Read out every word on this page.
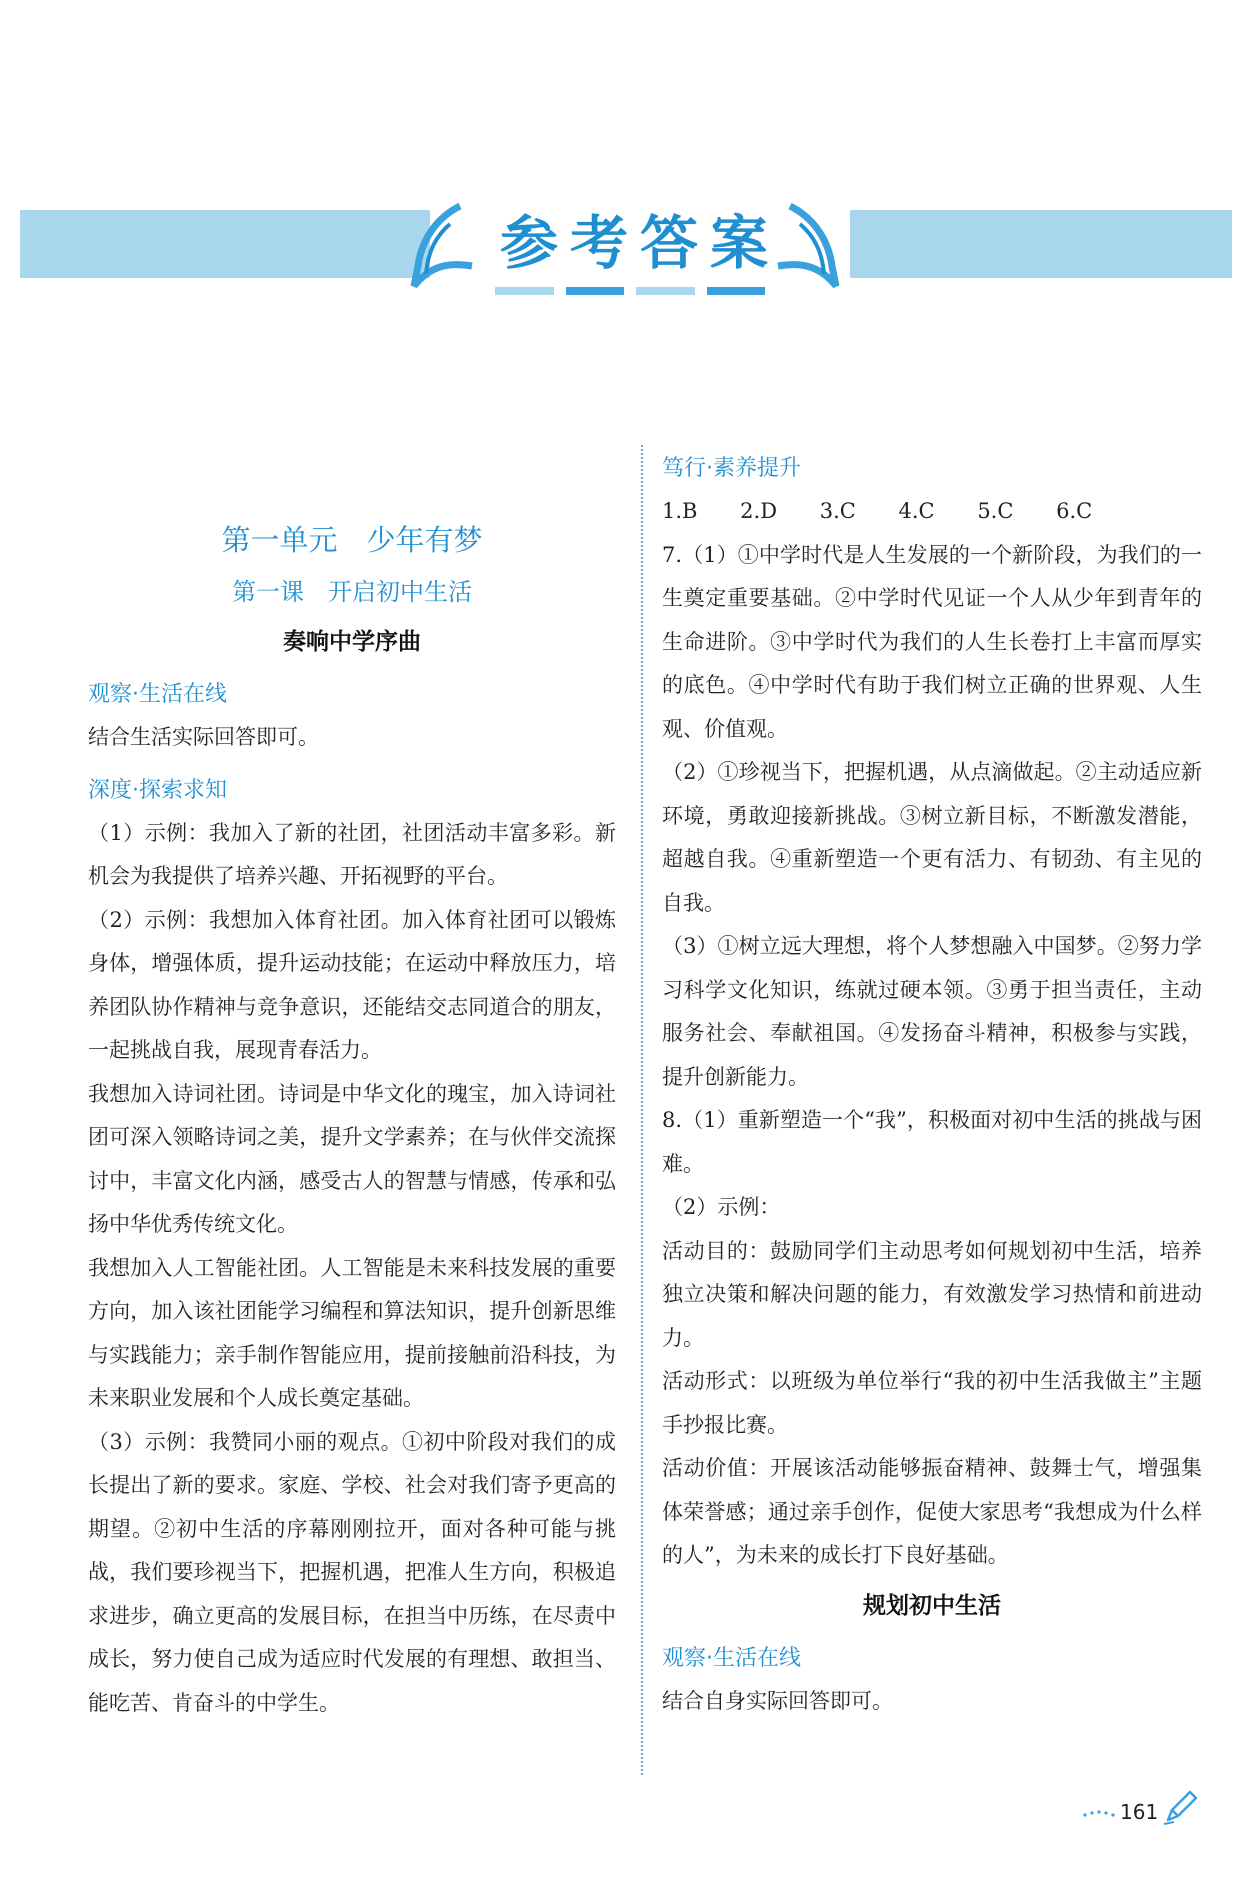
参考答案
第一单元　少年有梦
第一课　开启初中生活
奏响中学序曲
观察·生活在线

结合生活实际回答即可。

深度·探索求知

（1）示例：我加入了新的社团，社团活动丰富多彩。新机会为我提供了培养兴趣、开拓视野的平台。

（2）示例：我想加入体育社团。加入体育社团可以锻炼身体，增强体质，提升运动技能；在运动中释放压力，培养团队协作精神与竞争意识，还能结交志同道合的朋友，一起挑战自我，展现青春活力。

我想加入诗词社团。诗词是中华文化的瑰宝，加入诗词社团可深入领略诗词之美，提升文学素养；在与伙伴交流探讨中，丰富文化内涵，感受古人的智慧与情感，传承和弘扬中华优秀传统文化。

我想加入人工智能社团。人工智能是未来科技发展的重要方向，加入该社团能学习编程和算法知识，提升创新思维与实践能力；亲手制作智能应用，提前接触前沿科技，为未来职业发展和个人成长奠定基础。

（3）示例：我赞同小丽的观点。①初中阶段对我们的成长提出了新的要求。家庭、学校、社会对我们寄予更高的期望。②初中生活的序幕刚刚拉开，面对各种可能与挑战，我们要珍视当下，把握机遇，把准人生方向，积极追求进步，确立更高的发展目标，在担当中历练，在尽责中成长，努力使自己成为适应时代发展的有理想、敢担当、能吃苦、肯奋斗的中学生。

笃行·素养提升
1.B 2.D 3.C 4.C 5.C 6.C

7.（1）①中学时代是人生发展的一个新阶段，为我们的一生奠定重要基础。②中学时代见证一个人从少年到青年的生命进阶。③中学时代为我们的人生长卷打上丰富而厚实的底色。④中学时代有助于我们树立正确的世界观、人生观、价值观。

（2）①珍视当下，把握机遇，从点滴做起。②主动适应新环境，勇敢迎接新挑战。③树立新目标，不断激发潜能，超越自我。④重新塑造一个更有活力、有韧劲、有主见的自我。

（3）①树立远大理想，将个人梦想融入中国梦。②努力学习科学文化知识，练就过硬本领。③勇于担当责任，主动服务社会、奉献祖国。④发扬奋斗精神，积极参与实践，提升创新能力。

8.（1）重新塑造一个“我”，积极面对初中生活的挑战与困难。

（2）示例：

活动目的：鼓励同学们主动思考如何规划初中生活，培养独立决策和解决问题的能力，有效激发学习热情和前进动力。

活动形式：以班级为单位举行“我的初中生活我做主”主题手抄报比赛。

活动价值：开展该活动能够振奋精神、鼓舞士气，增强集体荣誉感；通过亲手创作，促使大家思考“我想成为什么样的人”，为未来的成长打下良好基础。

规划初中生活
观察·生活在线

结合自身实际回答即可。

161
